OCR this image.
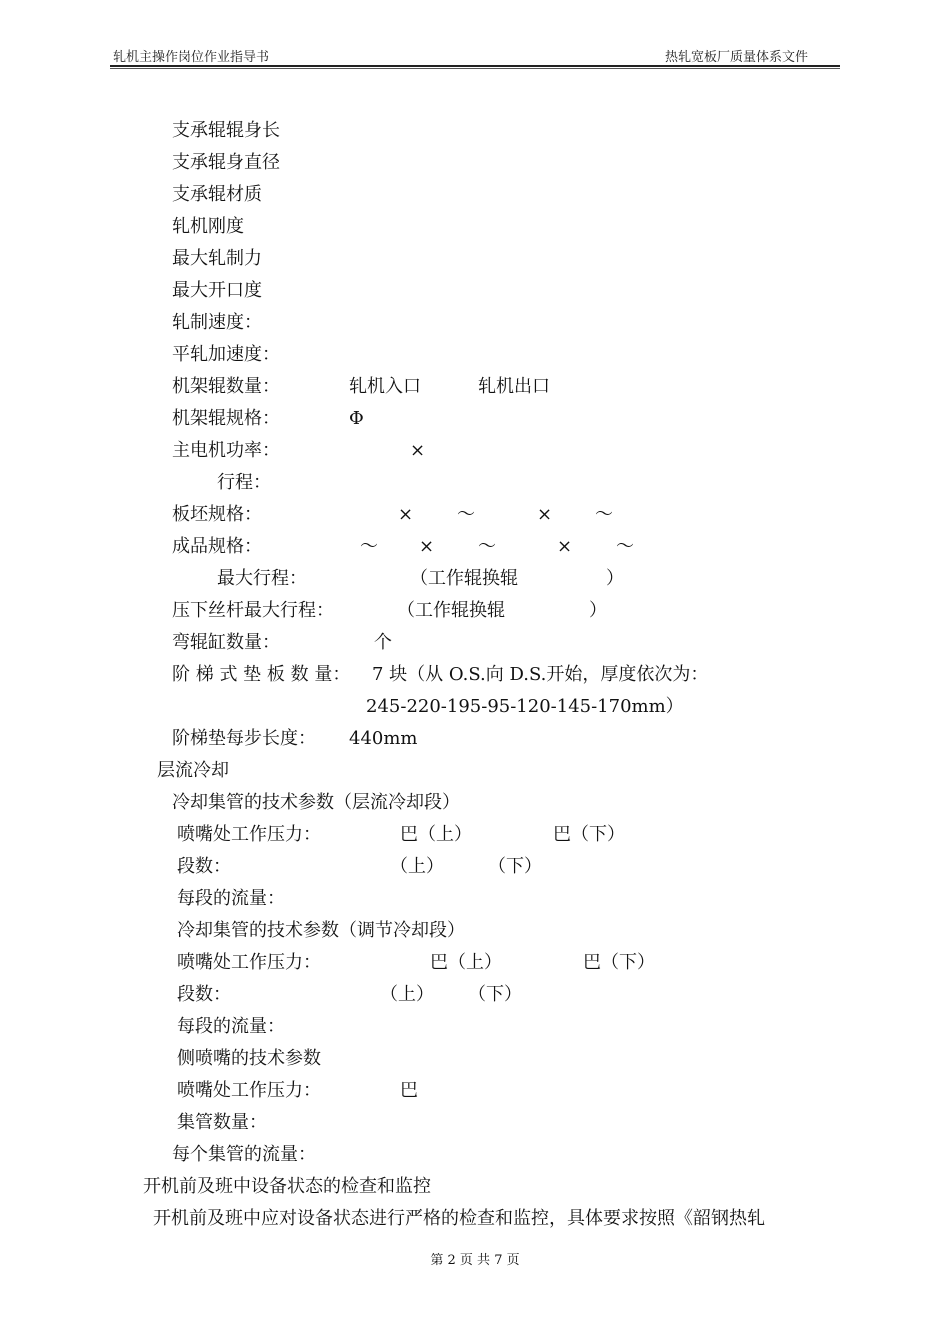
轧机主操作岗位作业指导书	热轧宽板厂质量体系文件
支承辊辊身长
支承辊身直径
支承辊材质
轧机刚度
最大轧制力
最大开口度
轧制速度：
平轧加速度：
机架辊数量：	轧机入口	轧机出口
机架辊规格：	Φ
主电机功率：	×
行程：
板坯规格：	× ～	× ～
成品规格：	～ × ～	× ～
最大行程：	（工作辊换辊	）
压下丝杆最大行程：	（工作辊换辊	）
弯辊缸数量：	个
阶 梯 式 垫 板 数 量： 7 块（从 O.S.向 D.S.开始，厚度依次为：
245-220-195-95-120-145-170mm）
阶梯垫每步长度： 440mm
层流冷却
冷却集管的技术参数（层流冷却段）
喷嘴处工作压力：	巴（上）	巴（下）
段数：	（上） （下）
每段的流量：
冷却集管的技术参数（调节冷却段）
喷嘴处工作压力：	巴（上）	巴（下）
段数：	（上） （下）
每段的流量：
侧喷嘴的技术参数
喷嘴处工作压力：	巴
集管数量：
每个集管的流量：
开机前及班中设备状态的检查和监控
开机前及班中应对设备状态进行严格的检查和监控，具体要求按照《韶钢热轧
第 2 页 共 7 页
